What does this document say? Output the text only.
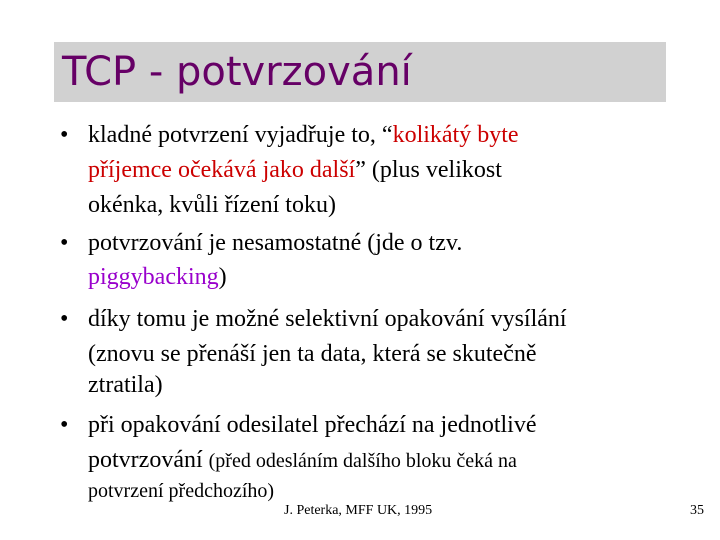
TCP - potvrzování
• kladné potvrzení vyjadřuje to, “kolikátý byte
příjemce očekává jako další” (plus velikost
okénka, kvůli řízení toku)
• potvrzování je nesamostatné (jde o tzv.
piggybacking)
• díky tomu je možné selektivní opakování vysílání
(znovu se přenáší jen ta data, která se skutečně
ztratila)
• při opakování odesilatel přechází na jednotlivé
potvrzování (před odesláním dalšího bloku čeká na
potvrzení předchozího)
J. Peterka, MFF UK, 1995	35
